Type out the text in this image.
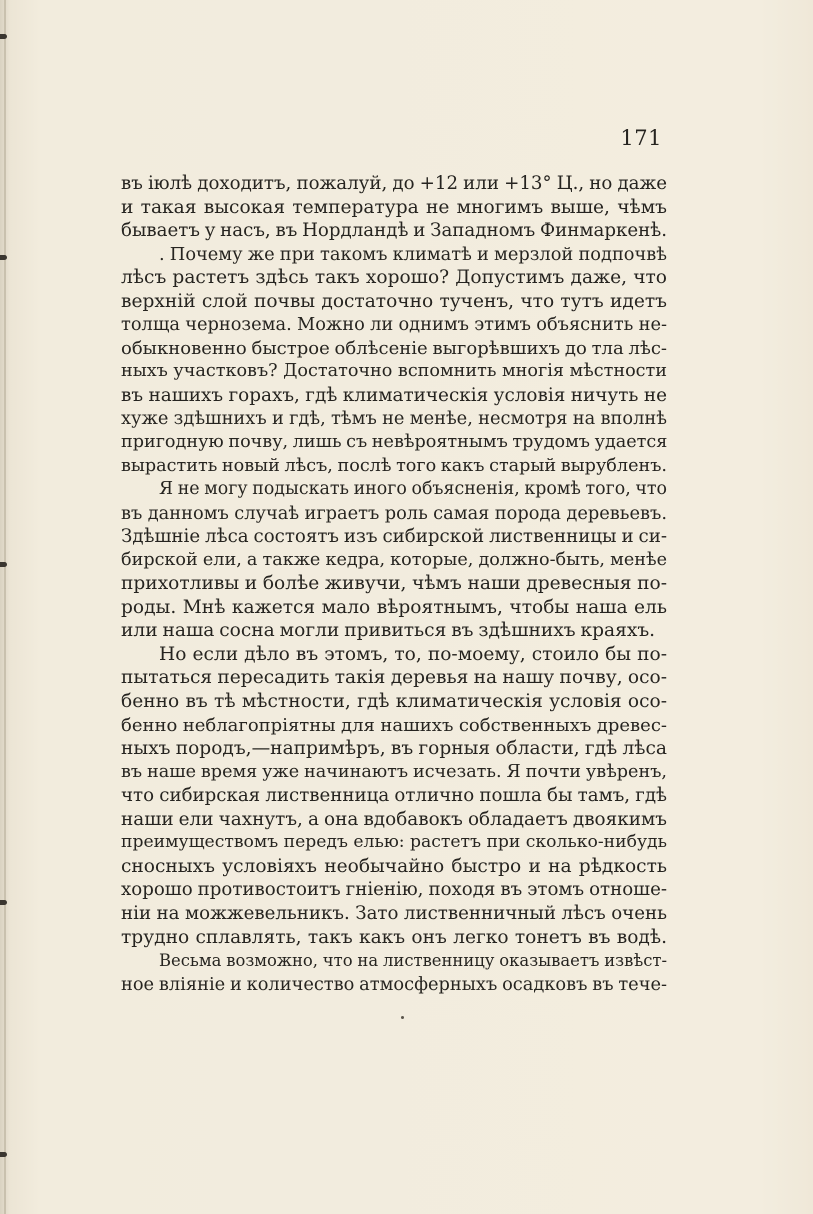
171
въ іюлѣ доходитъ, пожалуй, до +12 или +13° Ц., но даже
и такая высокая температура не многимъ выше, чѣмъ
бываетъ у насъ, въ Нордландѣ и Западномъ Финмаркенѣ.
. Почему же при такомъ климатѣ и мерзлой подпочвѣ
лѣсъ растетъ здѣсь такъ хорошо? Допустимъ даже, что
верхній слой почвы достаточно тученъ, что тутъ идетъ
толща чернозема. Можно ли однимъ этимъ объяснить не-
обыкновенно быстрое облѣсеніе выгорѣвшихъ до тла лѣс-
ныхъ участковъ? Достаточно вспомнить многія мѣстности
въ нашихъ горахъ, гдѣ климатическія условія ничуть не
хуже здѣшнихъ и гдѣ, тѣмъ не менѣе, несмотря на вполнѣ
пригодную почву, лишь съ невѣроятнымъ трудомъ удается
вырастить новый лѣсъ, послѣ того какъ старый вырубленъ.
Я не могу подыскать иного объясненія, кромѣ того, что
въ данномъ случаѣ играетъ роль самая порода деревьевъ.
Здѣшніе лѣса состоятъ изъ сибирской лиственницы и си-
бирской ели, а также кедра, которые, должно-быть, менѣе
прихотливы и болѣе живучи, чѣмъ наши древесныя по-
роды. Мнѣ кажется мало вѣроятнымъ, чтобы наша ель
или наша сосна могли привиться въ здѣшнихъ краяхъ.
Но если дѣло въ этомъ, то, по-моему, стоило бы по-
пытаться пересадить такія деревья на нашу почву, осо-
бенно въ тѣ мѣстности, гдѣ климатическія условія осо-
бенно неблагопріятны для нашихъ собственныхъ древес-
ныхъ породъ,—напримѣръ, въ горныя области, гдѣ лѣса
въ наше время уже начинаютъ исчезать. Я почти увѣренъ,
что сибирская лиственница отлично пошла бы тамъ, гдѣ
наши ели чахнутъ, а она вдобавокъ обладаетъ двоякимъ
преимуществомъ передъ елью: растетъ при сколько-нибудь
сносныхъ условіяхъ необычайно быстро и на рѣдкость
хорошо противостоитъ гніенію, походя въ этомъ отноше-
ніи на можжевельникъ. Зато лиственничный лѣсъ очень
трудно сплавлять, такъ какъ онъ легко тонетъ въ водѣ.
Весьма возможно, что на лиственницу оказываетъ извѣст-
ное вліяніе и количество атмосферныхъ осадковъ въ тече-
